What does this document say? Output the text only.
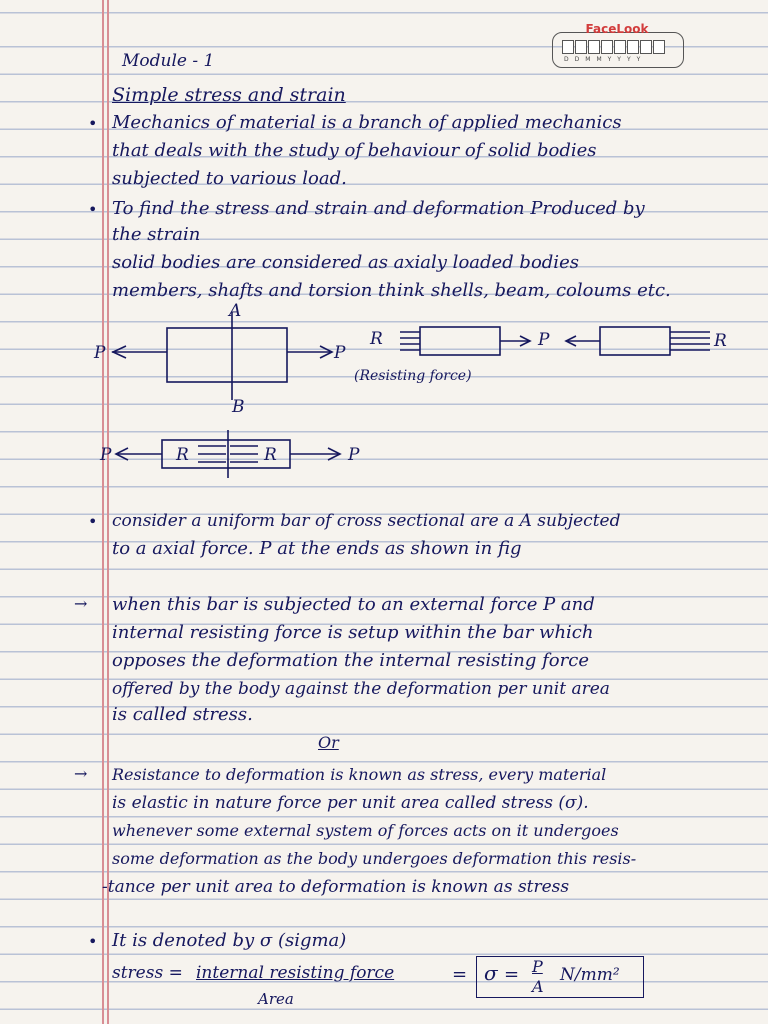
FaceLook
D D M M Y Y Y Y
Module - 1
Simple stress and strain
• Mechanics of material is a branch of applied mechanics
that deals with the study of behaviour of solid bodies
subjected to various load.
• To find the stress and strain and deformation Produced by
the strain
solid bodies are considered as axialy loaded bodies
members, shafts and torsion think shells, beam, coloums etc.
P	P
A
B
R	P	R
(Resisting force)
P	R	R	P
• consider a uniform bar of cross sectional are a A subjected
to a axial force. P at the ends as shown in fig
→ when this bar is subjected to an external force P and
internal resisting force is setup within the bar which
opposes the deformation the internal resisting force
offered by the body against the deformation per unit area
is called stress.
Or
→ Resistance to deformation is known as stress, every material
is elastic in nature force per unit area called stress (σ).
whenever some external system of forces acts on it undergoes
some deformation as the body undergoes deformation this resis-
-tance per unit area to deformation is known as stress
• It is denoted by σ (sigma)
stress = internal resisting force
Area
= σ = P
A
N/mm²
